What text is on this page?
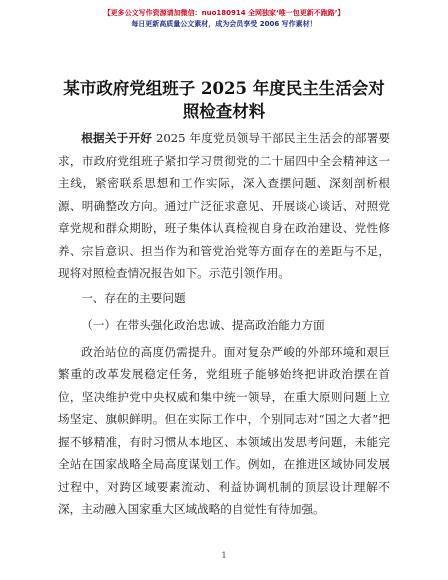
【更多公文写作资源请加微信：nuo180914 全网独家‘唯一包更新不跑路’】
每日更新高质量公文素材，成为会员享受 2006 写作素材！
某市政府党组班子 2025 年度民主生活会对照检查材料

根据关于开好 2025 年度党员领导干部民主生活会的部署要求，市政府党组班子紧扣学习贯彻党的二十届四中全会精神这一主线，紧密联系思想和工作实际，深入查摆问题、深刻剖析根源、明确整改方向。通过广泛征求意见、开展谈心谈话、对照党章党规和群众期盼，班子集体认真检视自身在政治建设、党性修养、宗旨意识、担当作为和管党治党等方面存在的差距与不足，现将对照检查情况报告如下。示范引领作用。

一、存在的主要问题

（一）在带头强化政治忠诚、提高政治能力方面

政治站位的高度仍需提升。面对复杂严峻的外部环境和艰巨繁重的改革发展稳定任务，党组班子能够始终把讲政治摆在首位，坚决维护党中央权威和集中统一领导，在重大原则问题上立场坚定、旗帜鲜明。但在实际工作中，个别同志对“国之大者”把握不够精准，有时习惯从本地区、本领域出发思考问题，未能完全站在国家战略全局高度谋划工作。例如，在推进区域协同发展过程中，对跨区域要素流动、利益协调机制的顶层设计理解不深，主动融入国家重大区域战略的自觉性有待加强。

1
